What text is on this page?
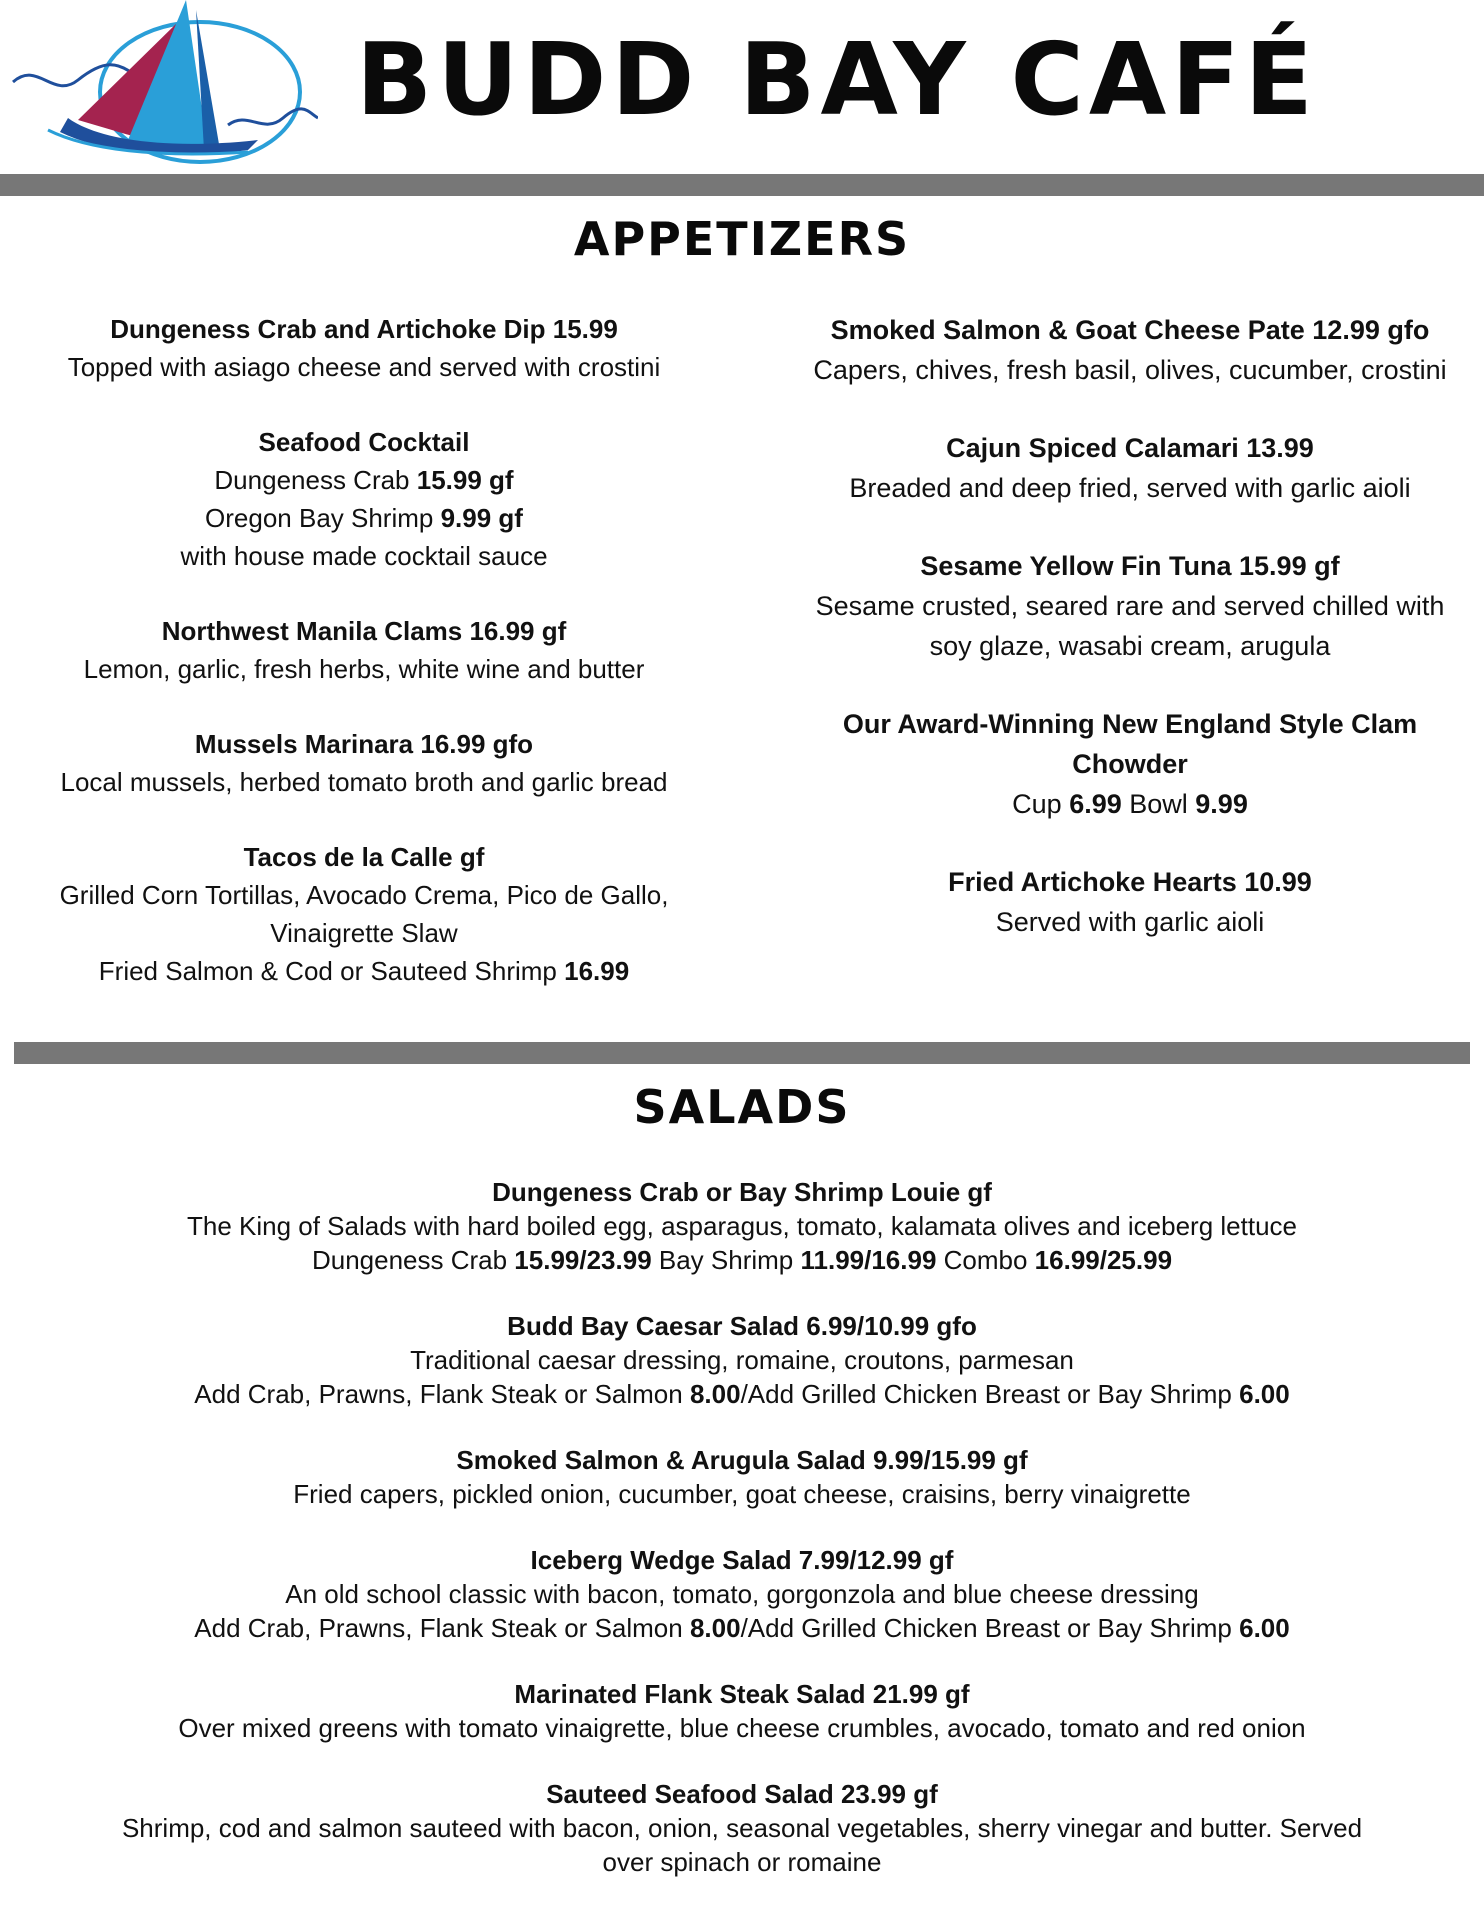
BUDD BAY CAFÉ
APPETIZERS
Dungeness Crab and Artichoke Dip 15.99
Topped with asiago cheese and served with crostini
Seafood Cocktail
Dungeness Crab 15.99 gf
Oregon Bay Shrimp 9.99 gf
with house made cocktail sauce
Northwest Manila Clams 16.99 gf
Lemon, garlic, fresh herbs, white wine and butter
Mussels Marinara 16.99 gfo
Local mussels, herbed tomato broth and garlic bread
Tacos de la Calle gf
Grilled Corn Tortillas, Avocado Crema, Pico de Gallo,
Vinaigrette Slaw
Fried Salmon & Cod or Sauteed Shrimp 16.99
Smoked Salmon & Goat Cheese Pate 12.99 gfo
Capers, chives, fresh basil, olives, cucumber, crostini
Cajun Spiced Calamari 13.99
Breaded and deep fried, served with garlic aioli
Sesame Yellow Fin Tuna 15.99 gf
Sesame crusted, seared rare and served chilled with
soy glaze, wasabi cream, arugula
Our Award-Winning New England Style Clam
Chowder
Cup 6.99 Bowl 9.99
Fried Artichoke Hearts 10.99
Served with garlic aioli
SALADS
Dungeness Crab or Bay Shrimp Louie gf
The King of Salads with hard boiled egg, asparagus, tomato, kalamata olives and iceberg lettuce
Dungeness Crab 15.99/23.99 Bay Shrimp 11.99/16.99 Combo 16.99/25.99
Budd Bay Caesar Salad 6.99/10.99 gfo
Traditional caesar dressing, romaine, croutons, parmesan
Add Crab, Prawns, Flank Steak or Salmon 8.00/Add Grilled Chicken Breast or Bay Shrimp 6.00
Smoked Salmon & Arugula Salad 9.99/15.99 gf
Fried capers, pickled onion, cucumber, goat cheese, craisins, berry vinaigrette
Iceberg Wedge Salad 7.99/12.99 gf
An old school classic with bacon, tomato, gorgonzola and blue cheese dressing
Add Crab, Prawns, Flank Steak or Salmon 8.00/Add Grilled Chicken Breast or Bay Shrimp 6.00
Marinated Flank Steak Salad 21.99 gf
Over mixed greens with tomato vinaigrette, blue cheese crumbles, avocado, tomato and red onion
Sauteed Seafood Salad 23.99 gf
Shrimp, cod and salmon sauteed with bacon, onion, seasonal vegetables, sherry vinegar and butter. Served
over spinach or romaine
